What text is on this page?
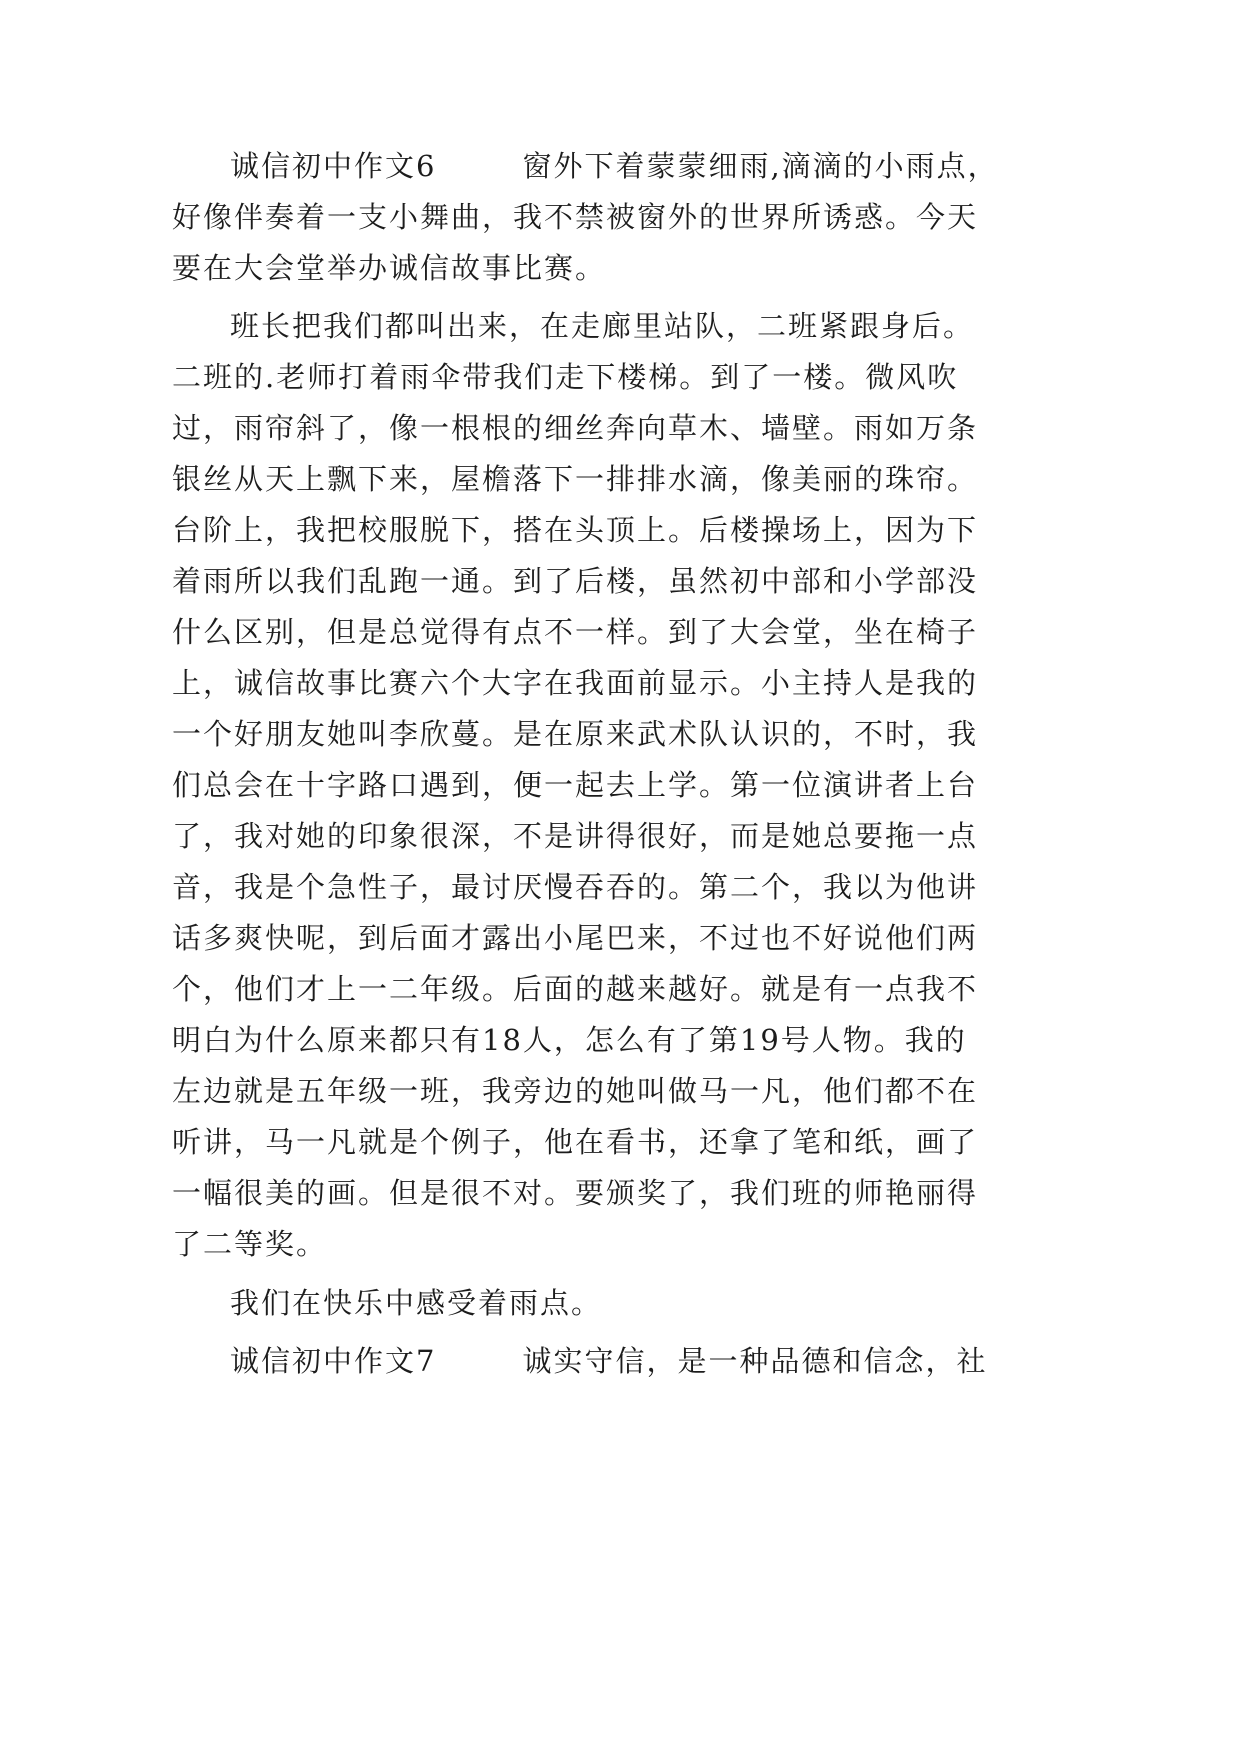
诚信初中作文6	窗外下着蒙蒙细雨,滴滴的小雨点，
好像伴奏着一支小舞曲，我不禁被窗外的世界所诱惑。今天
要在大会堂举办诚信故事比赛。
班长把我们都叫出来，在走廊里站队，二班紧跟身后。
二班的.老师打着雨伞带我们走下楼梯。到了一楼。微风吹
过，雨帘斜了，像一根根的细丝奔向草木、墙壁。雨如万条
银丝从天上飘下来，屋檐落下一排排水滴，像美丽的珠帘。
台阶上，我把校服脱下，搭在头顶上。后楼操场上，因为下
着雨所以我们乱跑一通。到了后楼，虽然初中部和小学部没
什么区别，但是总觉得有点不一样。到了大会堂，坐在椅子
上，诚信故事比赛六个大字在我面前显示。小主持人是我的
一个好朋友她叫李欣蔓。是在原来武术队认识的，不时，我
们总会在十字路口遇到，便一起去上学。第一位演讲者上台
了，我对她的印象很深，不是讲得很好，而是她总要拖一点
音，我是个急性子，最讨厌慢吞吞的。第二个，我以为他讲
话多爽快呢，到后面才露出小尾巴来，不过也不好说他们两
个，他们才上一二年级。后面的越来越好。就是有一点我不
明白为什么原来都只有18人，怎么有了第19号人物。我的
左边就是五年级一班，我旁边的她叫做马一凡，他们都不在
听讲，马一凡就是个例子，他在看书，还拿了笔和纸，画了
一幅很美的画。但是很不对。要颁奖了，我们班的师艳丽得
了二等奖。
我们在快乐中感受着雨点。
诚信初中作文7	诚实守信，是一种品德和信念，社
